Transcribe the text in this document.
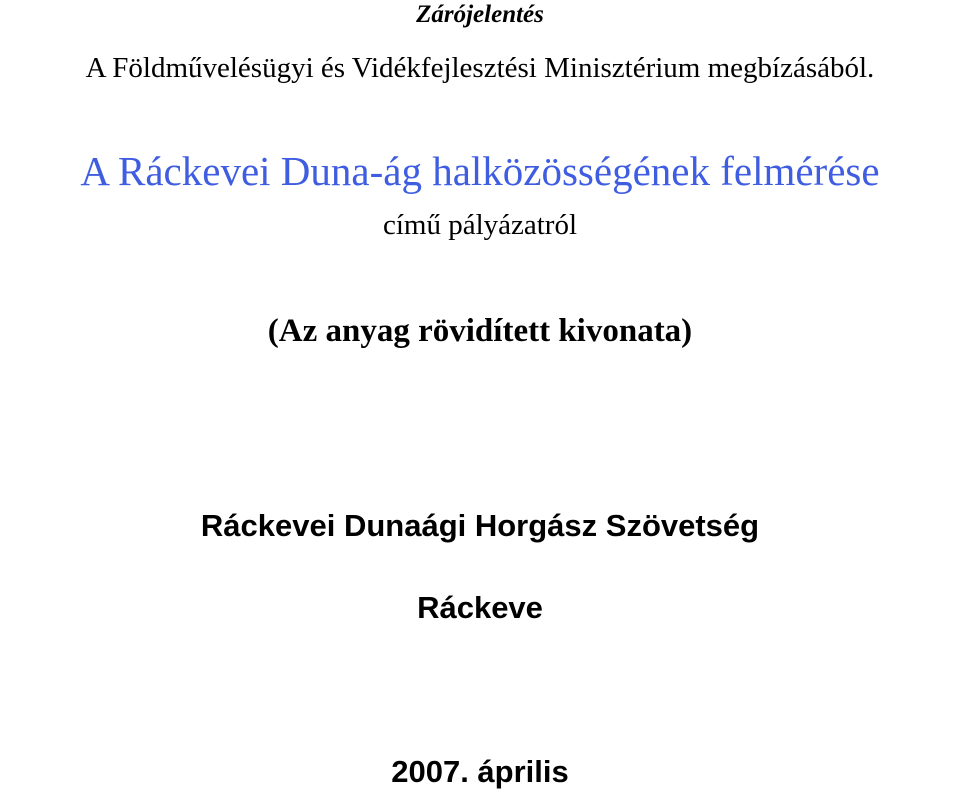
Zárójelentés
A Földművelésügyi és Vidékfejlesztési Minisztérium megbízásából.
A Ráckevei Duna-ág halközösségének felmérése
című pályázatról
(Az anyag rövidített kivonata)
Ráckevei Dunaági Horgász Szövetség
Ráckeve
2007. április
